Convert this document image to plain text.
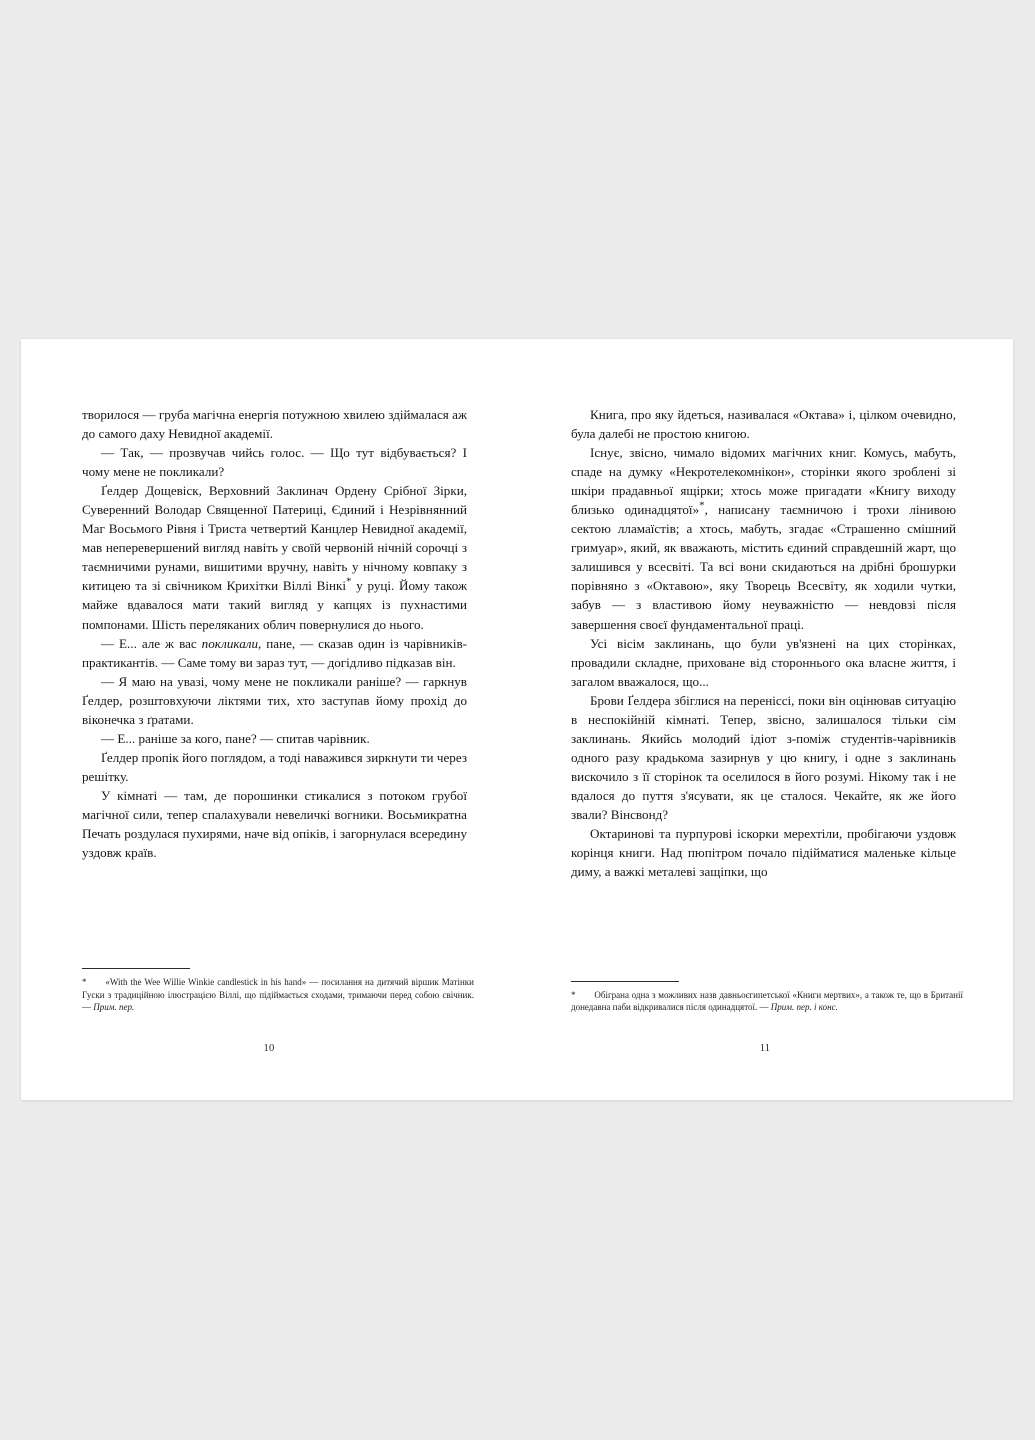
творилося — груба магічна енергія потужною хвилею здіймалася аж до самого даху Невидної академії.

— Так, — прозвучав чийсь голос. — Що тут відбувається? І чому мене не покликали?

Ґелдер Дощевіск, Верховний Заклинач Ордену Срібної Зірки, Суверенний Володар Священної Патериці, Єдиний і Незрівнянний Маг Восьмого Рівня і Триста четвертий Канцлер Невидної академії, мав неперевершений вигляд навіть у своїй червоній нічній сорочці з таємничими рунами, вишитими вручну, навіть у нічному ковпаку з китицею та зі свічником Крихітки Віллі Вінкі* у руці. Йому також майже вдавалося мати такий вигляд у капцях із пухнастими помпонами. Шість переляканих облич повернулися до нього.

— Е... але ж вас покликали, пане, — сказав один із чарівників-практикантів. — Саме тому ви зараз тут, — догідливо підказав він.

— Я маю на увазі, чому мене не покликали раніше? — гаркнув Ґелдер, розштовхуючи ліктями тих, хто заступав йому прохід до віконечка з ґратами.

— Е... раніше за кого, пане? — спитав чарівник.

Ґелдер пропік його поглядом, а тоді наважився зиркнути ти через решітку.

У кімнаті — там, де порошинки стикалися з потоком грубої магічної сили, тепер спалахували невеличкі вогники. Восьмикратна Печать роздулася пухирями, наче від опіків, і загорнулася всередину уздовж країв.

* «With the Wee Willie Winkie candlestick in his hand» — посилання на дитячий віршик Матінки Гуски з традиційною ілюстрацією Віллі, що підіймається сходами, тримаючи перед собою свічник. — Прим. пер.

10

Книга, про яку йдеться, називалася «Октава» і, цілком очевидно, була далебі не простою книгою.

Існує, звісно, чимало відомих магічних книг. Комусь, мабуть, спаде на думку «Некротелекомнікон», сторінки якого зроблені зі шкіри прадавньої ящірки; хтось може пригадати «Книгу виходу близько одинадцятої»*, написану таємничою і трохи лінивою сектою лламаїстів; а хтось, мабуть, згадає «Страшенно смішний гримуар», який, як вважають, містить єдиний справдешній жарт, що залишився у всесвіті. Та всі вони скидаються на дрібні брошурки порівняно з «Октавою», яку Творець Всесвіту, як ходили чутки, забув — з властивою йому неуважністю — невдовзі після завершення своєї фундаментальної праці.

Усі вісім заклинань, що були ув'язнені на цих сторінках, провадили складне, приховане від стороннього ока власне життя, і загалом вважалося, що...

Брови Ґелдера збіглися на переніссі, поки він оцінював ситуацію в неспокійній кімнаті. Тепер, звісно, залишалося тільки сім заклинань. Якийсь молодий ідіот з-поміж студентів-чарівників одного разу крадькома зазирнув у цю книгу, і одне з заклинань вискочило з її сторінок та оселилося в його розумі. Нікому так і не вдалося до пуття з'ясувати, як це сталося. Чекайте, як же його звали? Вінсвонд?

Октаринові та пурпурові іскорки мерехтіли, пробігаючи уздовж корінця книги. Над пюпітром почало підійматися маленьке кільце диму, а важкі металеві защіпки, що

* Обіграна одна з можливих назв давньоєгипетської «Книги мертвих», а також те, що в Британії донедавна паби відкривалися після одинадцятої. — Прим. пер. і конс.

11
